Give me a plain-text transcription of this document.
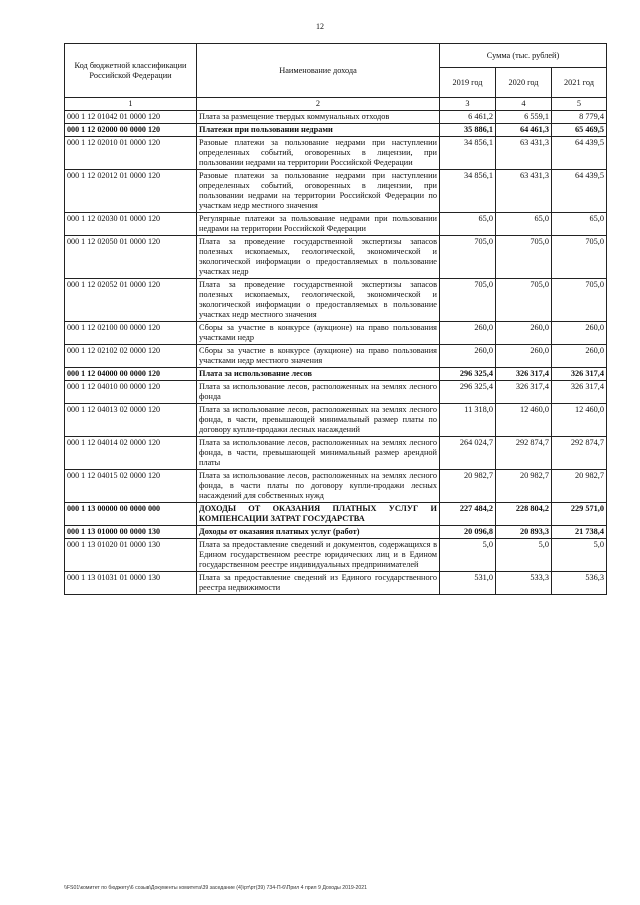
12
Код бюджетной классификации Российской Федерации	Наименование дохода	Сумма (тыс. рублей)		
		2019 год	2020 год	2021 год
1	2	3	4	5
000 1 12 01042 01 0000 120	Плата за размещение твердых коммунальных отходов	6 461,2	6 559,1	8 779,4
000 1 12 02000 00 0000 120	Платежи при пользовании недрами	35 886,1	64 461,3	65 469,5
000 1 12 02010 01 0000 120	Разовые платежи за пользование недрами при наступлении определенных событий, оговоренных в лицензии, при пользовании недрами на территории Российской Федерации	34 856,1	63 431,3	64 439,5
000 1 12 02012 01 0000 120	Разовые платежи за пользование недрами при наступлении определенных событий, оговоренных в лицензии, при пользовании недрами на территории Российской Федерации по участкам недр местного значения	34 856,1	63 431,3	64 439,5
000 1 12 02030 01 0000 120	Регулярные платежи за пользование недрами при пользовании недрами на территории Российской Федерации	65,0	65,0	65,0
000 1 12 02050 01 0000 120	Плата за проведение государственной экспертизы запасов полезных ископаемых, геологической, экономической и экологической информации о предоставляемых в пользование участках недр	705,0	705,0	705,0
000 1 12 02052 01 0000 120	Плата за проведение государственной экспертизы запасов полезных ископаемых, геологической, экономической и экологической информации о предоставляемых в пользование участках недр местного значения	705,0	705,0	705,0
000 1 12 02100 00 0000 120	Сборы за участие в конкурсе (аукционе) на право пользования участками недр	260,0	260,0	260,0
000 1 12 02102 02 0000 120	Сборы за участие в конкурсе (аукционе) на право пользования участками недр местного значения	260,0	260,0	260,0
000 1 12 04000 00 0000 120	Плата за использование лесов	296 325,4	326 317,4	326 317,4
000 1 12 04010 00 0000 120	Плата за использование лесов, расположенных на землях лесного фонда	296 325,4	326 317,4	326 317,4
000 1 12 04013 02 0000 120	Плата за использование лесов, расположенных на землях лесного фонда, в части, превышающей минимальный размер платы по договору купли-продажи лесных насаждений	11 318,0	12 460,0	12 460,0
000 1 12 04014 02 0000 120	Плата за использование лесов, расположенных на землях лесного фонда, в части, превышающей минимальный размер арендной платы	264 024,7	292 874,7	292 874,7
000 1 12 04015 02 0000 120	Плата за использование лесов, расположенных на землях лесного фонда, в части платы по договору купли-продажи лесных насаждений для собственных нужд	20 982,7	20 982,7	20 982,7
000 1 13 00000 00 0000 000	ДОХОДЫ ОТ ОКАЗАНИЯ ПЛАТНЫХ УСЛУГ И КОМПЕНСАЦИИ ЗАТРАТ ГОСУДАРСТВА	227 484,2	228 804,2	229 571,0
000 1 13 01000 00 0000 130	Доходы от оказания платных услуг (работ)	20 096,8	20 893,3	21 738,4
000 1 13 01020 01 0000 130	Плата за предоставление сведений и документов, содержащихся в Едином государственном реестре юридических лиц и в Едином государственном реестре индивидуальных предпринимателей	5,0	5,0	5,0
000 1 13 01031 01 0000 130	Плата за предоставление сведений из Единого государственного реестра недвижимости	531,0	533,3	536,3
\\FS01\комитет по бюджету\6 созыв\Документы комитета\39 заседание (4)\рт\рт(39) 734-П-6\Прил 4 прил 9 Доходы 2019-2021
